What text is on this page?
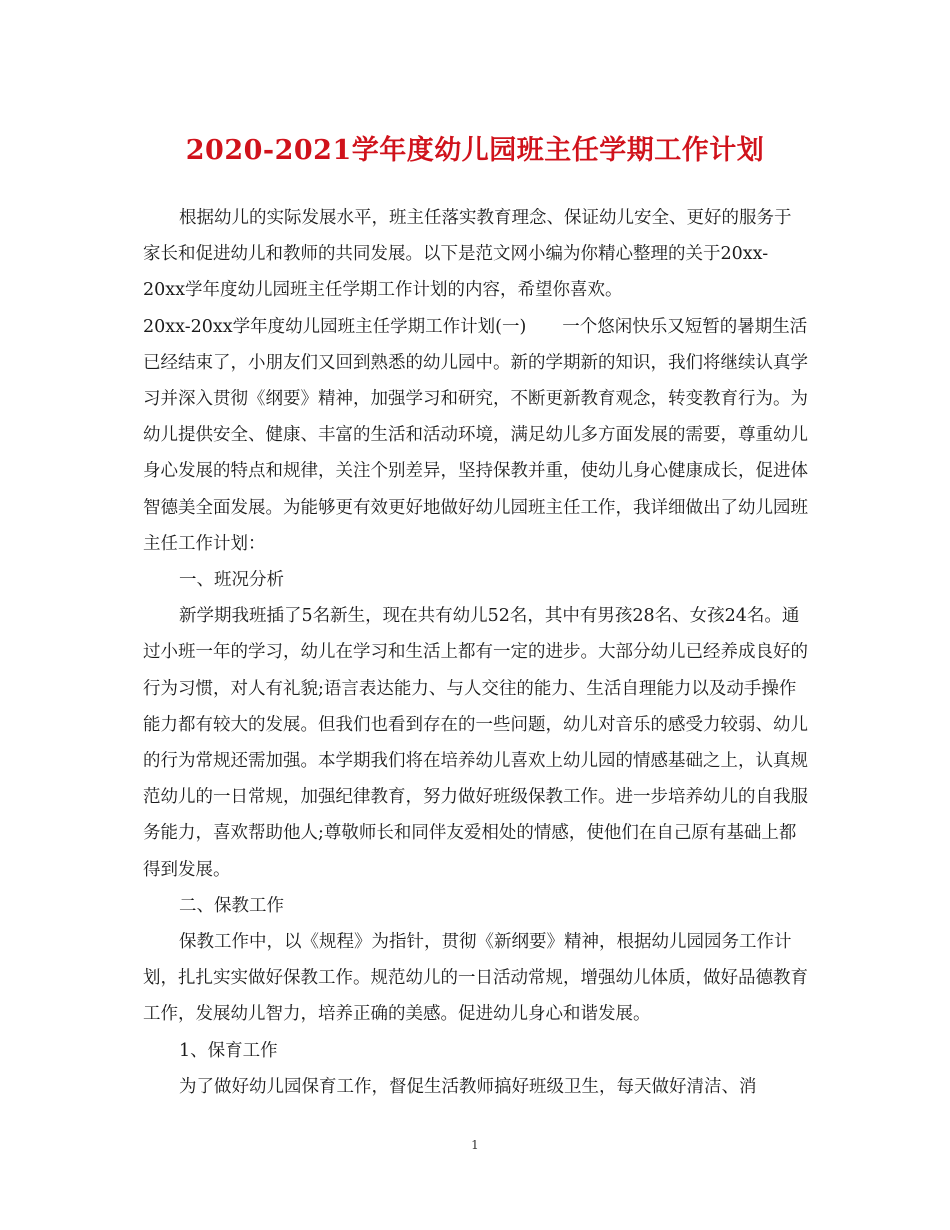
2020-2021学年度幼儿园班主任学期工作计划

根据幼儿的实际发展水平，班主任落实教育理念、保证幼儿安全、更好的服务于家长和促进幼儿和教师的共同发展。以下是范文网小编为你精心整理的关于20xx-20xx学年度幼儿园班主任学期工作计划的内容，希望你喜欢。

20xx-20xx学年度幼儿园班主任学期工作计划(一) 一个悠闲快乐又短暂的暑期生活已经结束了，小朋友们又回到熟悉的幼儿园中。新的学期新的知识，我们将继续认真学习并深入贯彻《纲要》精神，加强学习和研究，不断更新教育观念，转变教育行为。为幼儿提供安全、健康、丰富的生活和活动环境，满足幼儿多方面发展的需要，尊重幼儿身心发展的特点和规律，关注个别差异，坚持保教并重，使幼儿身心健康成长，促进体智德美全面发展。为能够更有效更好地做好幼儿园班主任工作，我详细做出了幼儿园班主任工作计划：

一、班况分析

新学期我班插了5名新生，现在共有幼儿52名，其中有男孩28名、女孩24名。通过小班一年的学习，幼儿在学习和生活上都有一定的进步。大部分幼儿已经养成良好的行为习惯，对人有礼貌;语言表达能力、与人交往的能力、生活自理能力以及动手操作能力都有较大的发展。但我们也看到存在的一些问题，幼儿对音乐的感受力较弱、幼儿的行为常规还需加强。本学期我们将在培养幼儿喜欢上幼儿园的情感基础之上，认真规范幼儿的一日常规，加强纪律教育，努力做好班级保教工作。进一步培养幼儿的自我服务能力，喜欢帮助他人;尊敬师长和同伴友爱相处的情感，使他们在自己原有基础上都得到发展。

二、保教工作

保教工作中，以《规程》为指针，贯彻《新纲要》精神，根据幼儿园园务工作计划，扎扎实实做好保教工作。规范幼儿的一日活动常规，增强幼儿体质，做好品德教育工作，发展幼儿智力，培养正确的美感。促进幼儿身心和谐发展。

1、保育工作

为了做好幼儿园保育工作，督促生活教师搞好班级卫生，每天做好清洁、消

1
